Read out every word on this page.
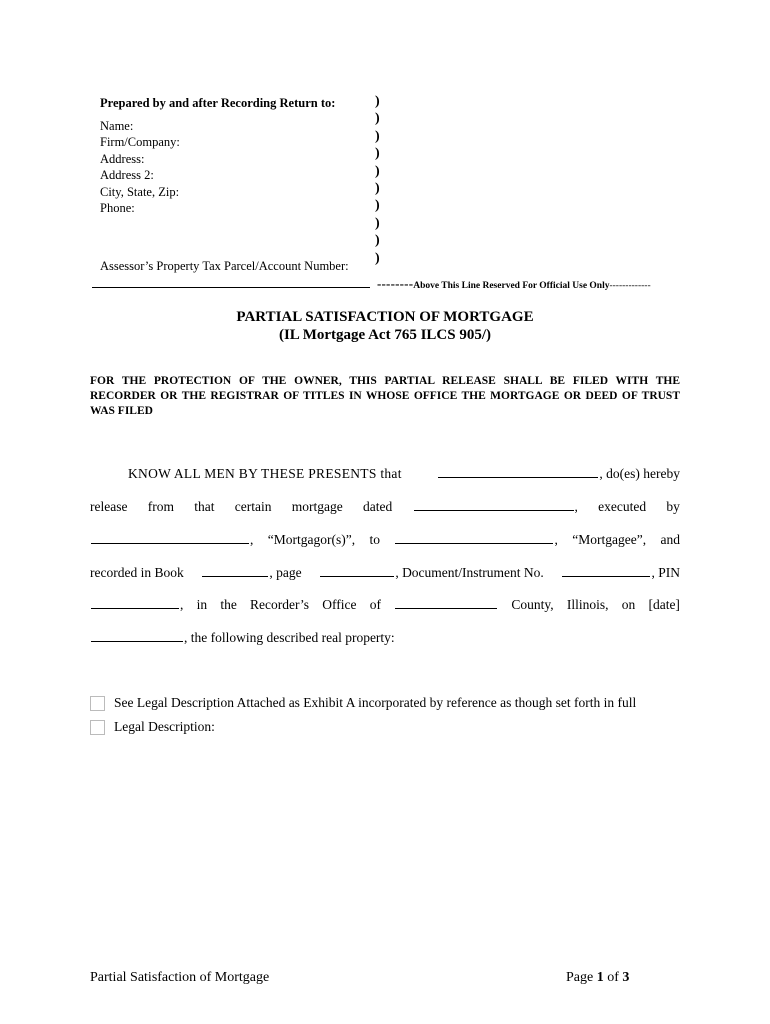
Prepared by and after Recording Return to:
Name:
Firm/Company:
Address:
Address 2:
City, State, Zip:
Phone:
)
)
)
)
)
)
)
)
)
)
Assessor’s Property Tax Parcel/Account Number:
--------Above This Line Reserved For Official Use Only-------------
PARTIAL SATISFACTION OF MORTGAGE
(IL Mortgage Act 765 ILCS 905/)
FOR THE PROTECTION OF THE OWNER, THIS PARTIAL RELEASE SHALL BE FILED WITH THE RECORDER OR THE REGISTRAR OF TITLES IN WHOSE OFFICE THE MORTGAGE OR DEED OF TRUST WAS FILED
KNOW ALL MEN BY THESE PRESENTS that	, do(es) hereby
release from that certain mortgage dated	, executed by
, “Mortgagor(s)”, to	, “Mortgagee”, and
recorded in Book	, page	, Document/Instrument No.	, PIN
, in the Recorder’s Office of	County, Illinois, on [date]
, the following described real property:
See Legal Description Attached as Exhibit A incorporated by reference as though set forth in full
Legal Description:
Partial Satisfaction of Mortgage	Page 1 of 3
